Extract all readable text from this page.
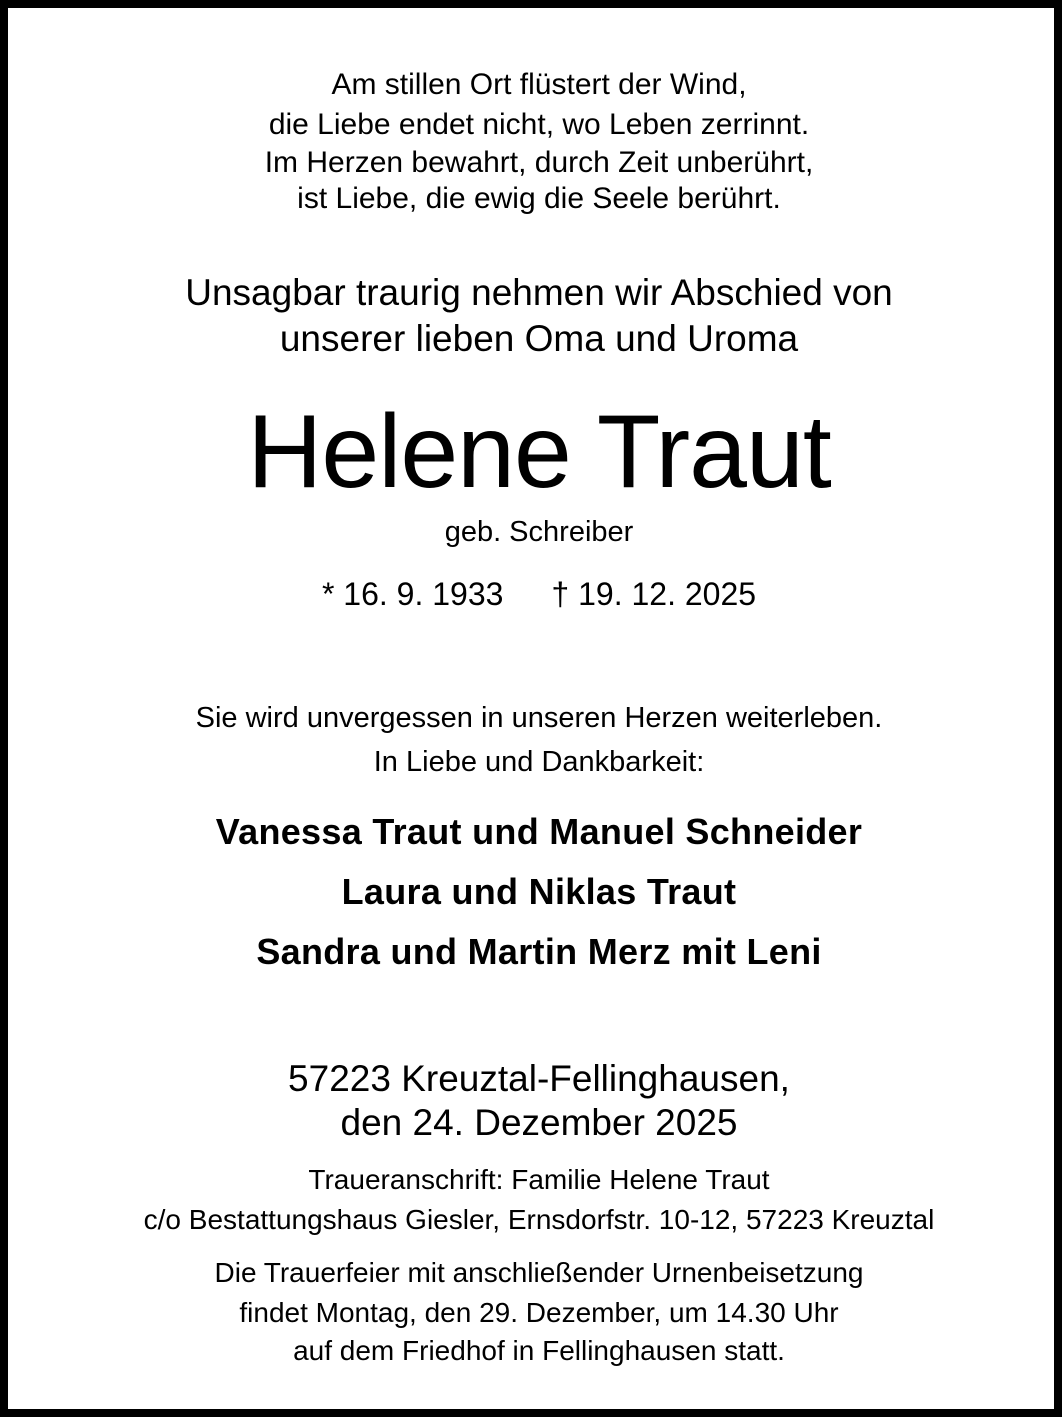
Am stillen Ort flüstert der Wind,
die Liebe endet nicht, wo Leben zerrinnt.
Im Herzen bewahrt, durch Zeit unberührt,
ist Liebe, die ewig die Seele berührt.
Unsagbar traurig nehmen wir Abschied von
unserer lieben Oma und Uroma
Helene Traut
geb. Schreiber
* 16. 9. 1933 † 19. 12. 2025
Sie wird unvergessen in unseren Herzen weiterleben.
In Liebe und Dankbarkeit:
Vanessa Traut und Manuel Schneider
Laura und Niklas Traut
Sandra und Martin Merz mit Leni
57223 Kreuztal-Fellinghausen,
den 24. Dezember 2025
Traueranschrift: Familie Helene Traut
c/o Bestattungshaus Giesler, Ernsdorfstr. 10-12, 57223 Kreuztal
Die Trauerfeier mit anschließender Urnenbeisetzung
findet Montag, den 29. Dezember, um 14.30 Uhr
auf dem Friedhof in Fellinghausen statt.
